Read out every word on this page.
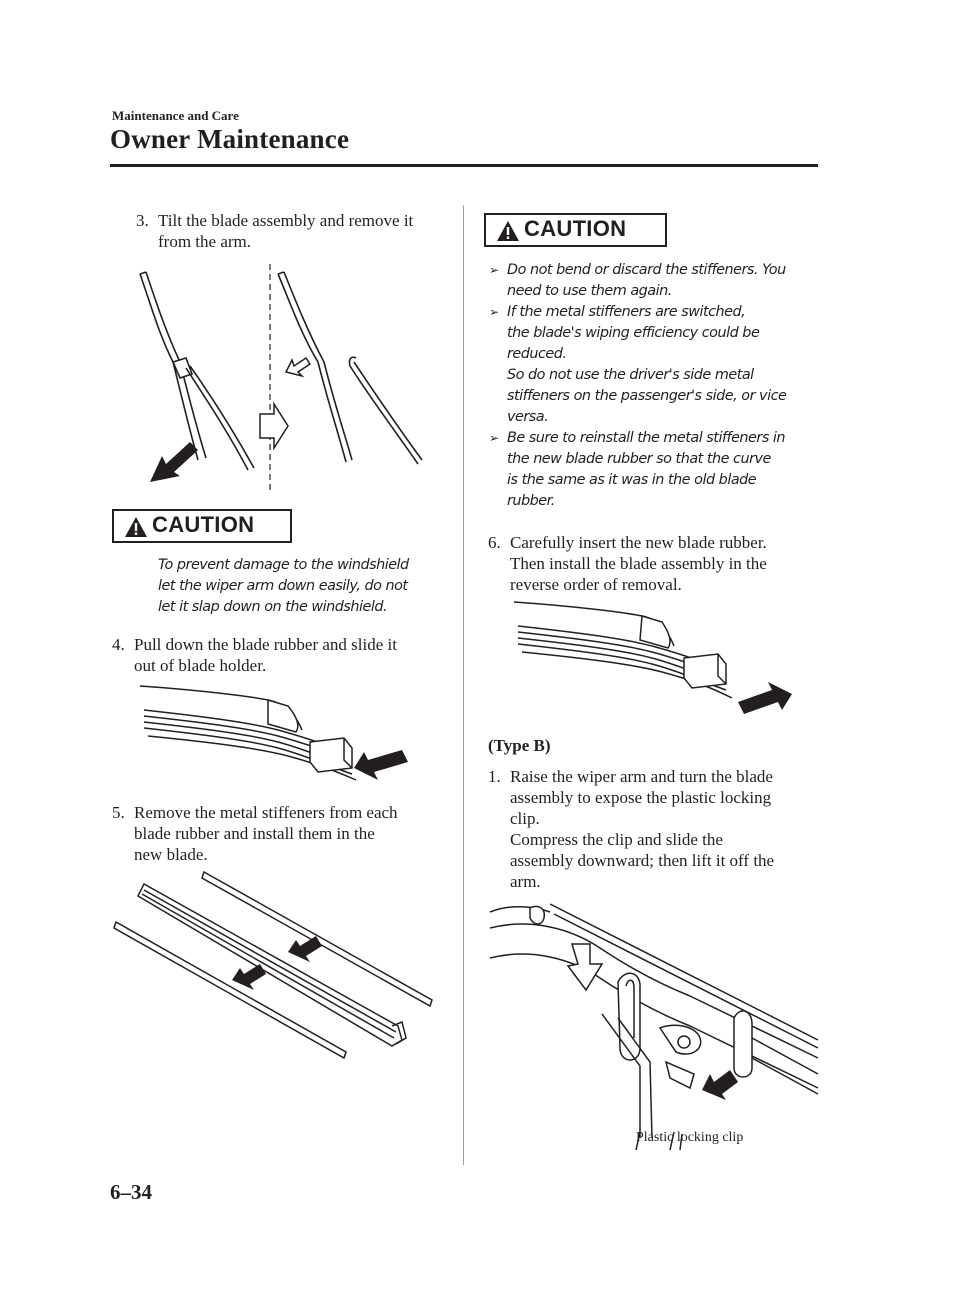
Maintenance and Care
Owner Maintenance
3. Tilt the blade assembly and remove it
from the arm.
CAUTION
To prevent damage to the windshield
let the wiper arm down easily, do not
let it slap down on the windshield.
4. Pull down the blade rubber and slide it
out of blade holder.
5. Remove the metal stiffeners from each
blade rubber and install them in the
new blade.
CAUTION
➢ Do not bend or discard the stiffeners. You
need to use them again.
➢ If the metal stiffeners are switched,
the blade's wiping efficiency could be
reduced.
So do not use the driver's side metal
stiffeners on the passenger's side, or vice
versa.
➢ Be sure to reinstall the metal stiffeners in
the new blade rubber so that the curve
is the same as it was in the old blade
rubber.
6. Carefully insert the new blade rubber.
Then install the blade assembly in the
reverse order of removal.
(Type B)
1. Raise the wiper arm and turn the blade
assembly to expose the plastic locking
clip.
Compress the clip and slide the
assembly downward; then lift it off the
arm.
Plastic locking clip
6–34
